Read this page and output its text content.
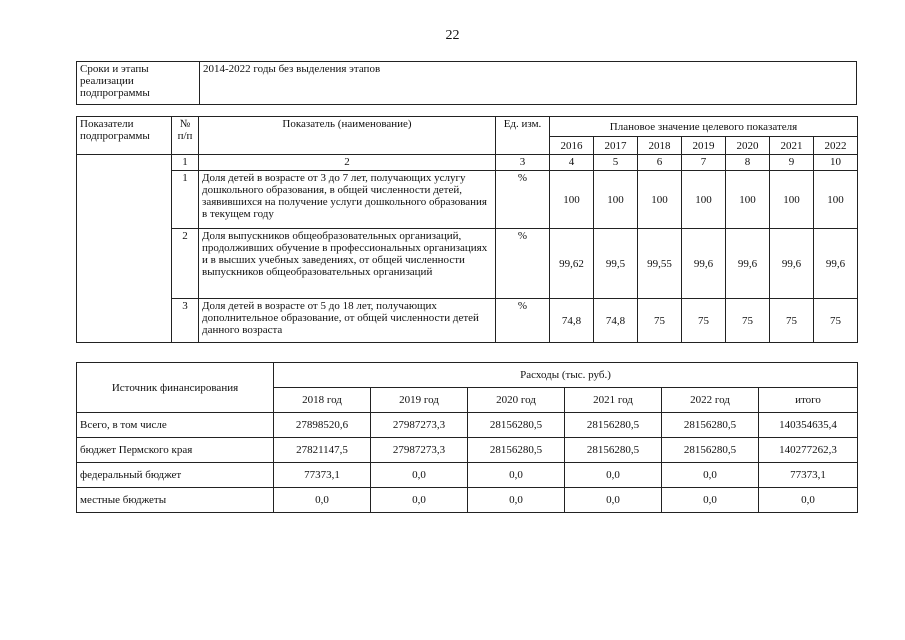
22
Сроки и этапы реализации подпрограммы	2014-2022 годы без выделения этапов
Показатели подпрограммы	№ п/п	Показатель (наименование)	Ед. изм.	Плановое значение целевого показателя						
				2016	2017	2018	2019	2020	2021	2022
	1	2	3	4	5	6	7	8	9	10
	1	Доля детей в возрасте от 3 до 7 лет, получающих услугу дошкольного образования, в общей численности детей, заявившихся на получение услуги дошкольного образования в текущем году	%	100	100	100	100	100	100	100
	2	Доля выпускников общеобразовательных организаций, продолживших обучение в профессиональных организациях и в высших учебных заведениях, от общей численности выпускников общеобразовательных организаций	%	99,62	99,5	99,55	99,6	99,6	99,6	99,6
	3	Доля детей в возрасте от 5 до 18 лет, получающих дополнительное образование, от общей численности детей данного возраста	%	74,8	74,8	75	75	75	75	75
Источник финансирования	Расходы (тыс. руб.)					
	2018 год	2019 год	2020 год	2021 год	2022 год	итого
Всего, в том числе	27898520,6	27987273,3	28156280,5	28156280,5	28156280,5	140354635,4
бюджет Пермского края	27821147,5	27987273,3	28156280,5	28156280,5	28156280,5	140277262,3
федеральный бюджет	77373,1	0,0	0,0	0,0	0,0	77373,1
местные бюджеты	0,0	0,0	0,0	0,0	0,0	0,0
